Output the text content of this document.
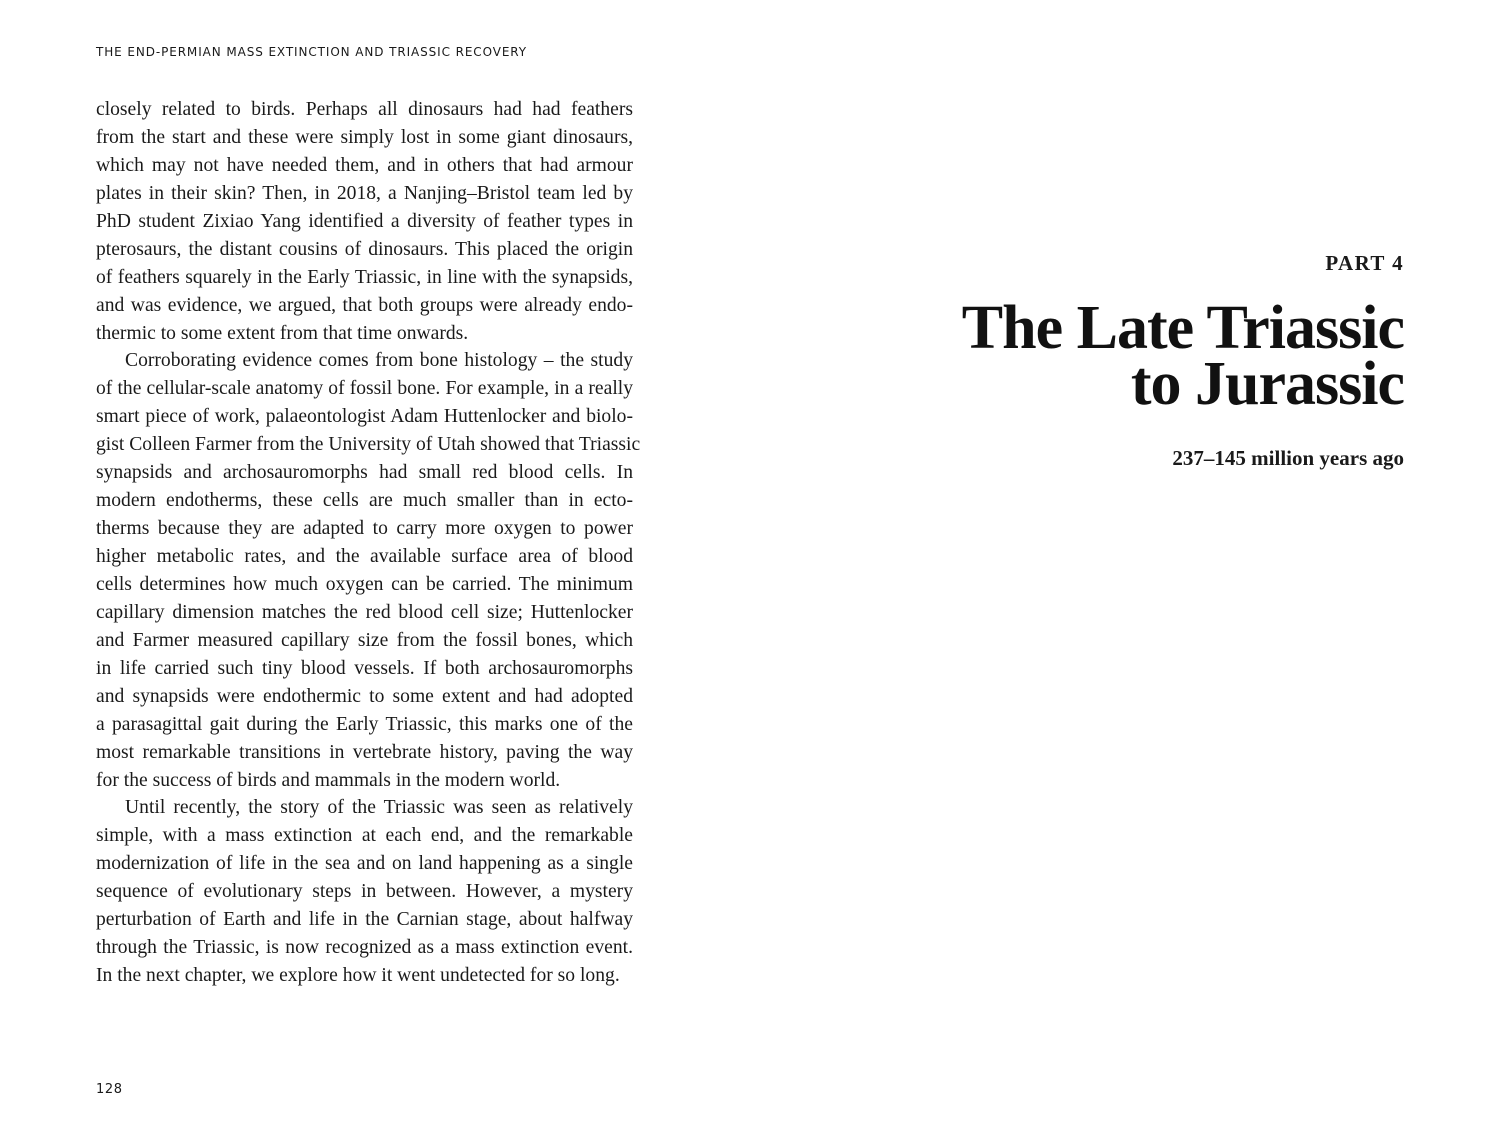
THE END-PERMIAN MASS EXTINCTION AND TRIASSIC RECOVERY
closely related to birds. Perhaps all dinosaurs had had feathers
from the start and these were simply lost in some giant dinosaurs,
which may not have needed them, and in others that had armour
plates in their skin? Then, in 2018, a Nanjing–Bristol team led by
PhD student Zixiao Yang identified a diversity of feather types in
pterosaurs, the distant cousins of dinosaurs. This placed the origin
of feathers squarely in the Early Triassic, in line with the synapsids,
and was evidence, we argued, that both groups were already endo-
thermic to some extent from that time onwards.
Corroborating evidence comes from bone histology – the study
of the cellular-scale anatomy of fossil bone. For example, in a really
smart piece of work, palaeontologist Adam Huttenlocker and biolo-
gist Colleen Farmer from the University of Utah showed that Triassic
synapsids and archosauromorphs had small red blood cells. In
modern endotherms, these cells are much smaller than in ecto-
therms because they are adapted to carry more oxygen to power
higher metabolic rates, and the available surface area of blood
cells determines how much oxygen can be carried. The minimum
capillary dimension matches the red blood cell size; Huttenlocker
and Farmer measured capillary size from the fossil bones, which
in life carried such tiny blood vessels. If both archosauromorphs
and synapsids were endothermic to some extent and had adopted
a parasagittal gait during the Early Triassic, this marks one of the
most remarkable transitions in vertebrate history, paving the way
for the success of birds and mammals in the modern world.
Until recently, the story of the Triassic was seen as relatively
simple, with a mass extinction at each end, and the remarkable
modernization of life in the sea and on land happening as a single
sequence of evolutionary steps in between. However, a mystery
perturbation of Earth and life in the Carnian stage, about halfway
through the Triassic, is now recognized as a mass extinction event.
In the next chapter, we explore how it went undetected for so long.
128
PART 4
The Late Triassic
to Jurassic
237–145 million years ago
